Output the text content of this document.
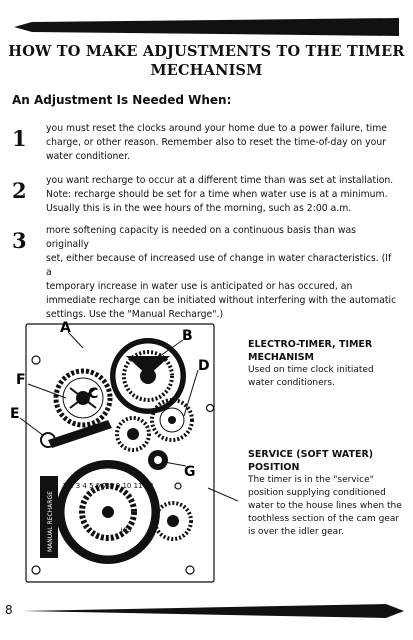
HOW TO MAKE ADJUSTMENTS TO THE TIMER
MECHANISM
An Adjustment Is Needed When:
1 you must reset the clocks around your home due to a power failure, time
charge, or other reason. Remember also to reset the time-of-day on your
water conditioner.
2 you want recharge to occur at a different time than was set at installation.
Note: recharge should be set for a time when water use is at a minimum.
Usually this is in the wee hours of the morning, such as 2:00 a.m.
3 more softening capacity is needed on a continuous basis than was originally
set, either because of increased use of change in water characteristics. (If a
temporary increase in water use is anticipated or has occured, an
immediate recharge can be initiated without interfering with the automatic
settings. Use the "Manual Recharge".)
1 2 3 4 5 6 7 8 9 10 11 12
LBS
MANUAL RECHARGE
A	B
C
D
E
F
G
ELECTRO-TIMER, TIMER
MECHANISM
Used on time clock initiated
water conditioners.
SERVICE (SOFT WATER)
POSITION
The timer is in the "service"
position supplying conditioned
water to the house lines when the
toothless section of the cam gear
is over the idler gear.
8
